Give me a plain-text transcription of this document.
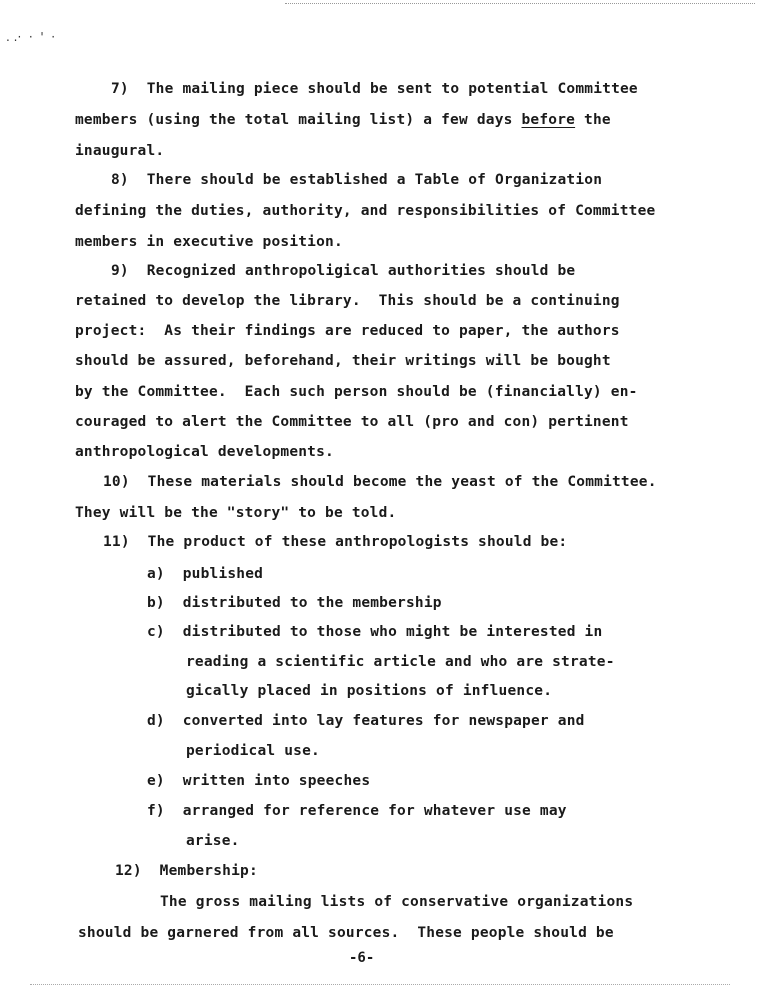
. .·  ·  '  ·
7)  The mailing piece should be sent to potential Committee
members (using the total mailing list) a few days before the
inaugural.
8)  There should be established a Table of Organization
defining the duties, authority, and responsibilities of Committee
members in executive position.
9)  Recognized anthropoligical authorities should be
retained to develop the library.  This should be a continuing
project:  As their findings are reduced to paper, the authors
should be assured, beforehand, their writings will be bought
by the Committee.  Each such person should be (financially) en-
couraged to alert the Committee to all (pro and con) pertinent
anthropological developments.
10)  These materials should become the yeast of the Committee.
They will be the "story" to be told.
11)  The product of these anthropologists should be:
a)  published
b)  distributed to the membership
c)  distributed to those who might be interested in
reading a scientific article and who are strate-
gically placed in positions of influence.
d)  converted into lay features for newspaper and
periodical use.
e)  written into speeches
f)  arranged for reference for whatever use may
arise.
12)  Membership:
The gross mailing lists of conservative organizations
should be garnered from all sources.  These people should be
-6-
